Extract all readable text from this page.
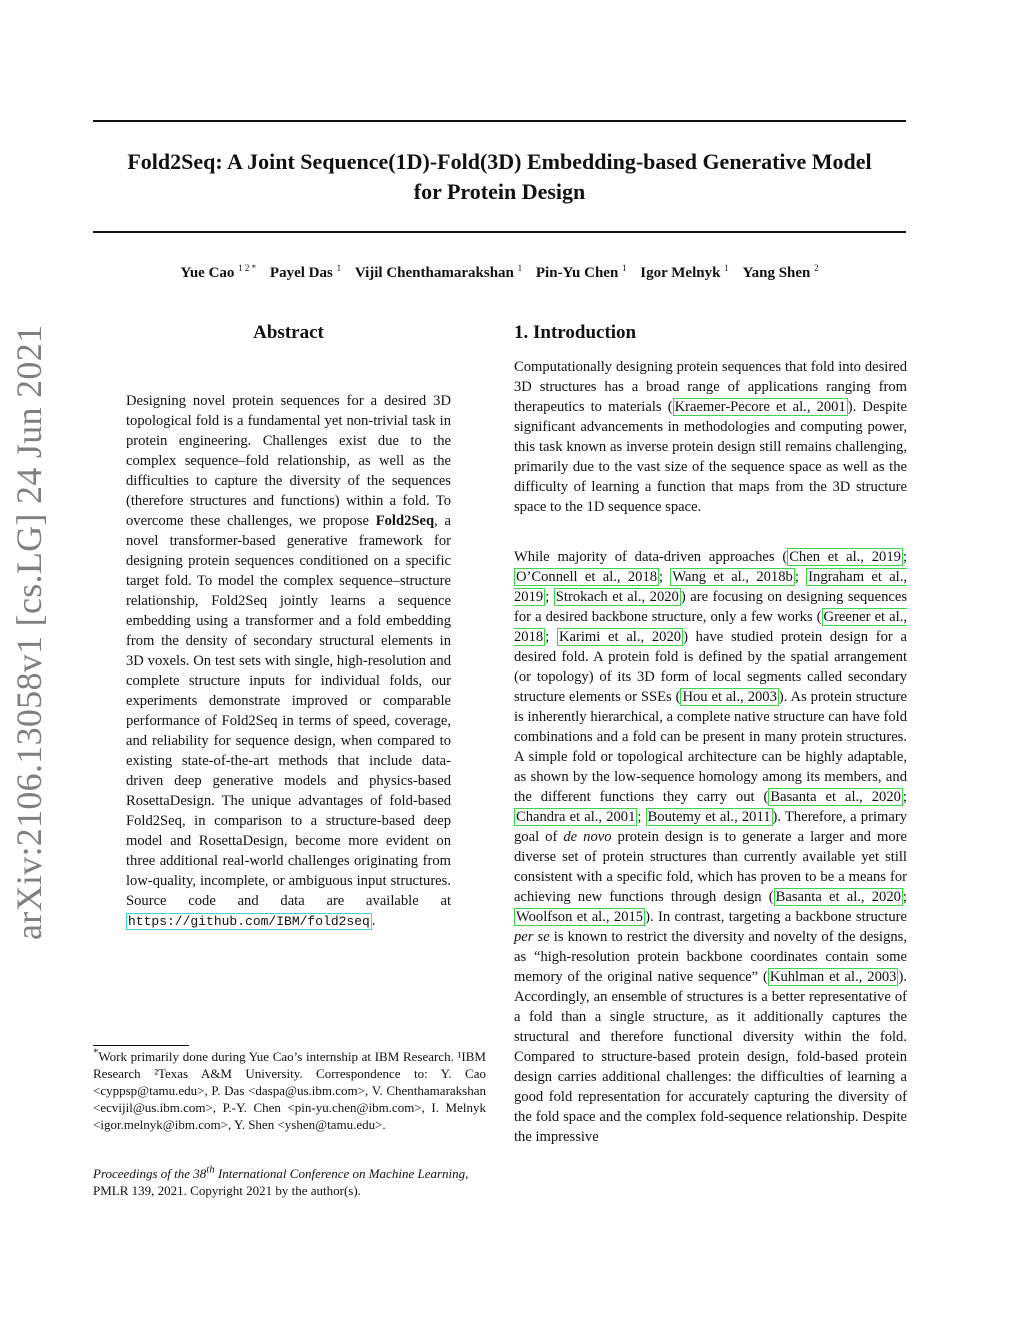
Fold2Seq: A Joint Sequence(1D)-Fold(3D) Embedding-based Generative Model
for Protein Design
Yue Cao $^{1 2 *}$ Payel Das $^1$ Vijil Chenthamarakshan $^1$ Pin-Yu Chen $^1$ Igor Melnyk $^1$ Yang Shen $^2$
arXiv:2106.13058v1 [cs.LG] 24 Jun 2021	Abstract

Designing novel protein sequences for a desired 3D topological fold is a fundamental yet non-trivial task in protein engineering. Challenges exist due to the complex sequence–fold relationship, as well as the difficulties to capture the diversity of the sequences (therefore structures and functions) within a fold. To overcome these challenges, we propose Fold2Seq, a novel transformer-based generative framework for designing protein sequences conditioned on a specific target fold. To model the complex sequence–structure relationship, Fold2Seq jointly learns a sequence embedding using a transformer and a fold embedding from the density of secondary structural elements in 3D voxels. On test sets with single, high-resolution and complete structure inputs for individual folds, our experiments demonstrate improved or comparable performance of Fold2Seq in terms of speed, coverage, and reliability for sequence design, when compared to existing state-of-the-art methods that include data-driven deep generative models and physics-based RosettaDesign. The unique advantages of fold-based Fold2Seq, in comparison to a structure-based deep model and RosettaDesign, become more evident on three additional real-world challenges originating from low-quality, incomplete, or ambiguous input structures. Source code and data are available at https://github.com/IBM/fold2seq .

*Work primarily done during Yue Cao’s internship at IBM Research. ¹IBM Research ²Texas A&M University. Correspondence to: Y. Cao <cyppsp@tamu.edu>, P. Das <daspa@us.ibm.com>, V. Chenthamarakshan <ecvijil@us.ibm.com>, P.-Y. Chen <pin-yu.chen@ibm.com>, I. Melnyk <igor.melnyk@ibm.com>, Y. Shen <yshen@tamu.edu>.
Proceedings of the 38th International Conference on Machine Learning, PMLR 139, 2021. Copyright 2021 by the author(s).
1. Introduction

Computationally designing protein sequences that fold into desired 3D structures has a broad range of applications ranging from therapeutics to materials ( Kraemer-Pecore et al., 2001 ). Despite significant advancements in methodologies and computing power, this task known as inverse protein design still remains challenging, primarily due to the vast size of the sequence space as well as the difficulty of learning a function that maps from the 3D structure space to the 1D sequence space.

While majority of data-driven approaches ( Chen et al., 2019 ; O’Connell et al., 2018 ; Wang et al., 2018b ; Ingraham et al., 2019 ; Strokach et al., 2020 ) are focusing on designing sequences for a desired backbone structure, only a few works ( Greener et al., 2018 ; Karimi et al., 2020 ) have studied protein design for a desired fold. A protein fold is defined by the spatial arrangement (or topology) of its 3D form of local segments called secondary structure elements or SSEs ( Hou et al., 2003 ). As protein structure is inherently hierarchical, a complete native structure can have fold combinations and a fold can be present in many protein structures. A simple fold or topological architecture can be highly adaptable, as shown by the low-sequence homology among its members, and the different functions they carry out ( Basanta et al., 2020 ; Chandra et al., 2001 ; Boutemy et al., 2011 ). Therefore, a primary goal of de novo protein design is to generate a larger and more diverse set of protein structures than currently available yet still consistent with a specific fold, which has proven to be a means for achieving new functions through design ( Basanta et al., 2020 ; Woolfson et al., 2015 ). In contrast, targeting a backbone structure per se is known to restrict the diversity and novelty of the designs, as “high-resolution protein backbone coordinates contain some memory of the original native sequence” ( Kuhlman et al., 2003 ). Accordingly, an ensemble of structures is a better representative of a fold than a single structure, as it additionally captures the structural and therefore functional diversity within the fold. Compared to structure-based protein design, fold-based protein design carries additional challenges: the difficulties of learning a good fold representation for accurately capturing the diversity of the fold space and the complex fold-sequence relationship. Despite the impressive
